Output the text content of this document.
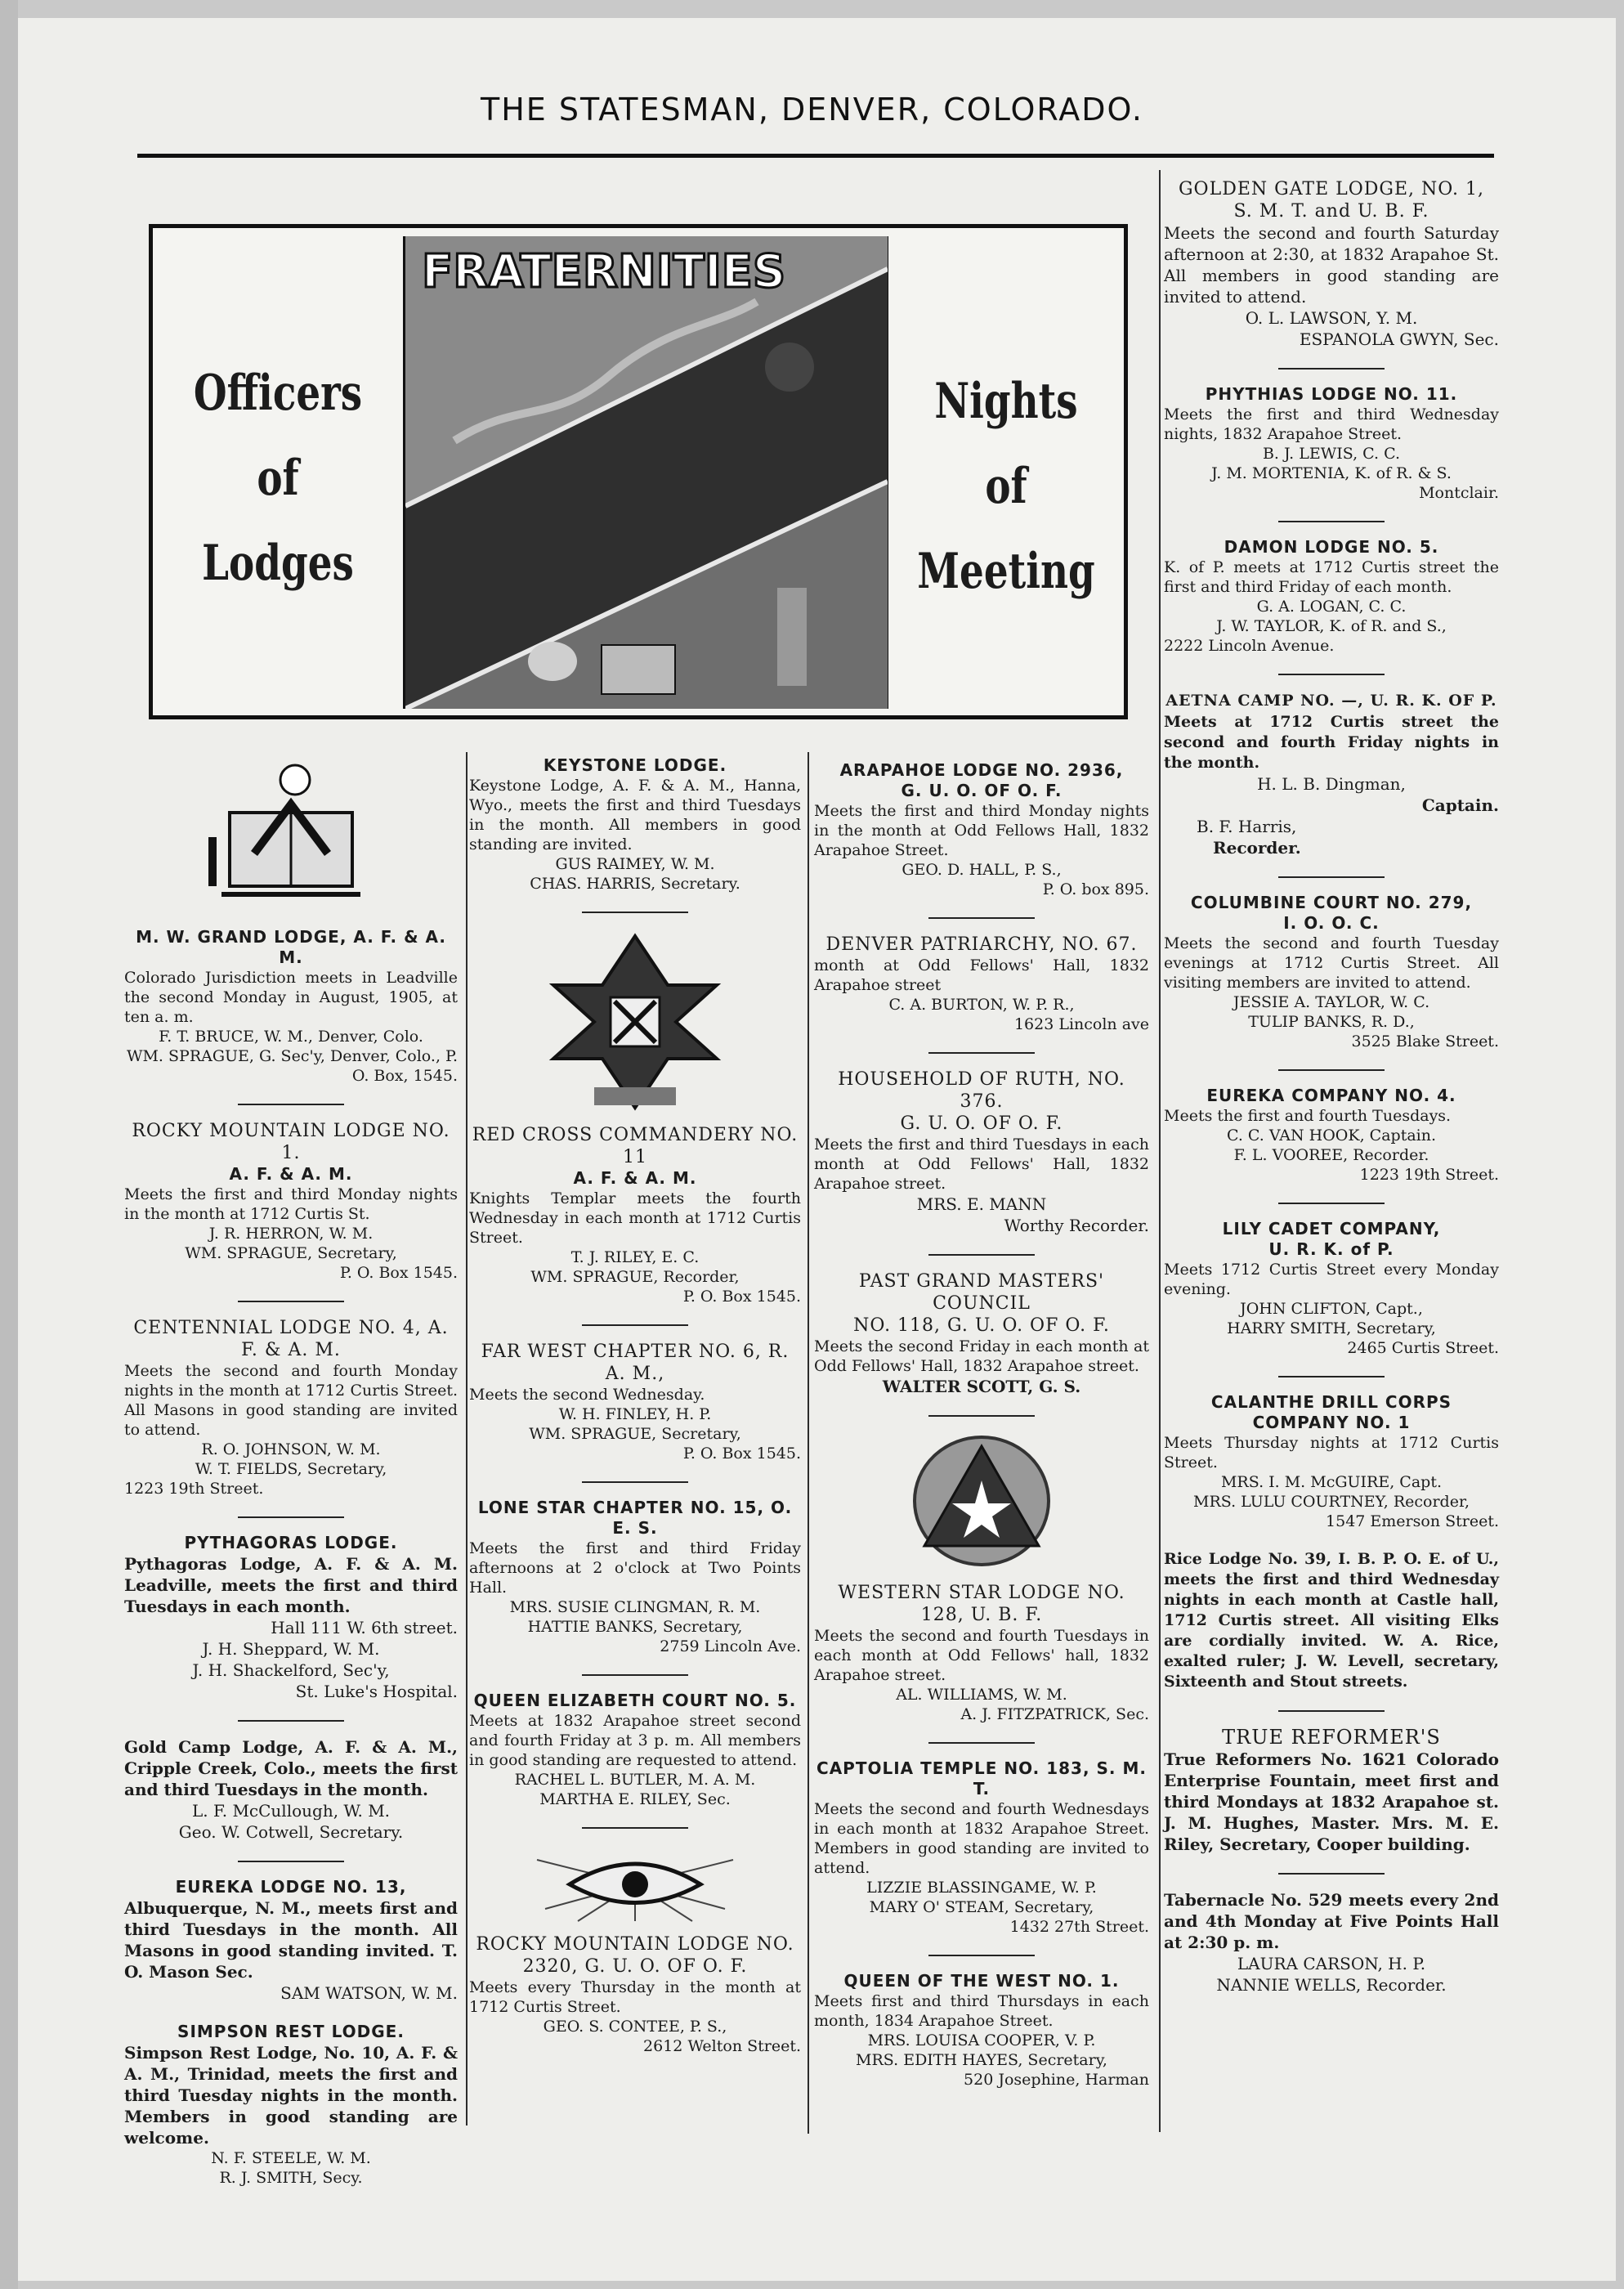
THE STATESMAN, DENVER, COLORADO.
Officers
of
Lodges
FRATERNITIES
Nights
of
Meeting
M. W. GRAND LODGE, A. F. & A. M.
Colorado Jurisdiction meets in Leadville the second Monday in August, 1905, at ten a. m.
F. T. BRUCE, W. M., Denver, Colo.
WM. SPRAGUE, G. Sec'y, Denver, Colo., P. O. Box, 1545.
ROCKY MOUNTAIN LODGE NO. 1.
A. F. & A. M.
Meets the first and third Monday nights in the month at 1712 Curtis St.
J. R. HERRON, W. M.
WM. SPRAGUE, Secretary,
P. O. Box 1545.
CENTENNIAL LODGE NO. 4, A. F. & A. M.
Meets the second and fourth Monday nights in the month at 1712 Curtis Street. All Masons in good standing are invited to attend.
R. O. JOHNSON, W. M.
W. T. FIELDS, Secretary,
1223 19th Street.
PYTHAGORAS LODGE.
Pythagoras Lodge, A. F. & A. M. Leadville, meets the first and third Tuesdays in each month.
Hall 111 W. 6th street.
J. H. Sheppard, W. M.
J. H. Shackelford, Sec'y,
St. Luke's Hospital.
Gold Camp Lodge, A. F. & A. M., Cripple Creek, Colo., meets the first and third Tuesdays in the month.
L. F. McCullough, W. M.
Geo. W. Cotwell, Secretary.
EUREKA LODGE NO. 13,
Albuquerque, N. M., meets first and third Tuesdays in the month. All Masons in good standing invited. T. O. Mason Sec.
SAM WATSON, W. M.
SIMPSON REST LODGE.
Simpson Rest Lodge, No. 10, A. F. & A. M., Trinidad, meets the first and third Tuesday nights in the month. Members in good standing are welcome.
N. F. STEELE, W. M.
R. J. SMITH, Secy.
KEYSTONE LODGE.
Keystone Lodge, A. F. & A. M., Hanna, Wyo., meets the first and third Tuesdays in the month. All members in good standing are invited.
GUS RAIMEY, W. M.
CHAS. HARRIS, Secretary.
RED CROSS COMMANDERY NO. 11
A. F. & A. M.
Knights Templar meets the fourth Wednesday in each month at 1712 Curtis Street.
T. J. RILEY, E. C.
WM. SPRAGUE, Recorder,
P. O. Box 1545.
FAR WEST CHAPTER NO. 6, R. A. M.,
Meets the second Wednesday.
W. H. FINLEY, H. P.
WM. SPRAGUE, Secretary,
P. O. Box 1545.
LONE STAR CHAPTER NO. 15, O. E. S.
Meets the first and third Friday afternoons at 2 o'clock at Two Points Hall.
MRS. SUSIE CLINGMAN, R. M.
HATTIE BANKS, Secretary,
2759 Lincoln Ave.
QUEEN ELIZABETH COURT NO. 5.
Meets at 1832 Arapahoe street second and fourth Friday at 3 p. m. All members in good standing are requested to attend.
RACHEL L. BUTLER, M. A. M.
MARTHA E. RILEY, Sec.
ROCKY MOUNTAIN LODGE NO. 2320, G. U. O. OF O. F.
Meets every Thursday in the month at 1712 Curtis Street.
GEO. S. CONTEE, P. S.,
2612 Welton Street.
ARAPAHOE LODGE NO. 2936,
G. U. O. OF O. F.
Meets the first and third Monday nights in the month at Odd Fellows Hall, 1832 Arapahoe Street.
GEO. D. HALL, P. S.,
P. O. box 895.
DENVER PATRIARCHY, NO. 67.
month at Odd Fellows' Hall, 1832 Arapahoe street
C. A. BURTON, W. P. R.,
1623 Lincoln ave
HOUSEHOLD OF RUTH, NO. 376.
G. U. O. OF O. F.
Meets the first and third Tuesdays in each month at Odd Fellows' Hall, 1832 Arapahoe street.
MRS. E. MANN
Worthy Recorder.
PAST GRAND MASTERS' COUNCIL
NO. 118, G. U. O. OF O. F.
Meets the second Friday in each month at Odd Fellows' Hall, 1832 Arapahoe street.
WALTER SCOTT, G. S.
WESTERN STAR LODGE NO. 128, U. B. F.
Meets the second and fourth Tuesdays in each month at Odd Fellows' hall, 1832 Arapahoe street.
AL. WILLIAMS, W. M.
A. J. FITZPATRICK, Sec.
CAPTOLIA TEMPLE NO. 183, S. M. T.
Meets the second and fourth Wednesdays in each month at 1832 Arapahoe Street. Members in good standing are invited to attend.
LIZZIE BLASSINGAME, W. P.
MARY O' STEAM, Secretary,
1432 27th Street.
QUEEN OF THE WEST NO. 1.
Meets first and third Thursdays in each month, 1834 Arapahoe Street.
MRS. LOUISA COOPER, V. P.
MRS. EDITH HAYES, Secretary,
520 Josephine, Harman
GOLDEN GATE LODGE, NO. 1,
S. M. T. and U. B. F.
Meets the second and fourth Saturday afternoon at 2:30, at 1832 Arapahoe St. All members in good standing are invited to attend.
O. L. LAWSON, Y. M.
ESPANOLA GWYN, Sec.
PHYTHIAS LODGE NO. 11.
Meets the first and third Wednesday nights, 1832 Arapahoe Street.
B. J. LEWIS, C. C.
J. M. MORTENIA, K. of R. & S.
Montclair.
DAMON LODGE NO. 5.
K. of P. meets at 1712 Curtis street the first and third Friday of each month.
G. A. LOGAN, C. C.
J. W. TAYLOR, K. of R. and S.,
2222 Lincoln Avenue.
AETNA CAMP NO. —, U. R. K. OF P.
Meets at 1712 Curtis street the second and fourth Friday nights in the month.
H. L. B. Dingman,
Captain.
B. F. Harris,
Recorder.
COLUMBINE COURT NO. 279,
I. O. O. C.
Meets the second and fourth Tuesday evenings at 1712 Curtis Street. All visiting members are invited to attend.
JESSIE A. TAYLOR, W. C.
TULIP BANKS, R. D.,
3525 Blake Street.
EUREKA COMPANY NO. 4.
Meets the first and fourth Tuesdays.
C. C. VAN HOOK, Captain.
F. L. VOOREE, Recorder.
1223 19th Street.
LILY CADET COMPANY,
U. R. K. of P.
Meets 1712 Curtis Street every Monday evening.
JOHN CLIFTON, Capt.,
HARRY SMITH, Secretary,
2465 Curtis Street.
CALANTHE DRILL CORPS COMPANY NO. 1
Meets Thursday nights at 1712 Curtis Street.
MRS. I. M. McGUIRE, Capt.
MRS. LULU COURTNEY, Recorder,
1547 Emerson Street.
Rice Lodge No. 39, I. B. P. O. E. of U., meets the first and third Wednesday nights in each month at Castle hall, 1712 Curtis street. All visiting Elks are cordially invited. W. A. Rice, exalted ruler; J. W. Levell, secretary, Sixteenth and Stout streets.
TRUE REFORMER'S
True Reformers No. 1621 Colorado Enterprise Fountain, meet first and third Mondays at 1832 Arapahoe st. J. M. Hughes, Master. Mrs. M. E. Riley, Secretary, Cooper building.
Tabernacle No. 529 meets every 2nd and 4th Monday at Five Points Hall at 2:30 p. m.
LAURA CARSON, H. P.
NANNIE WELLS, Recorder.
